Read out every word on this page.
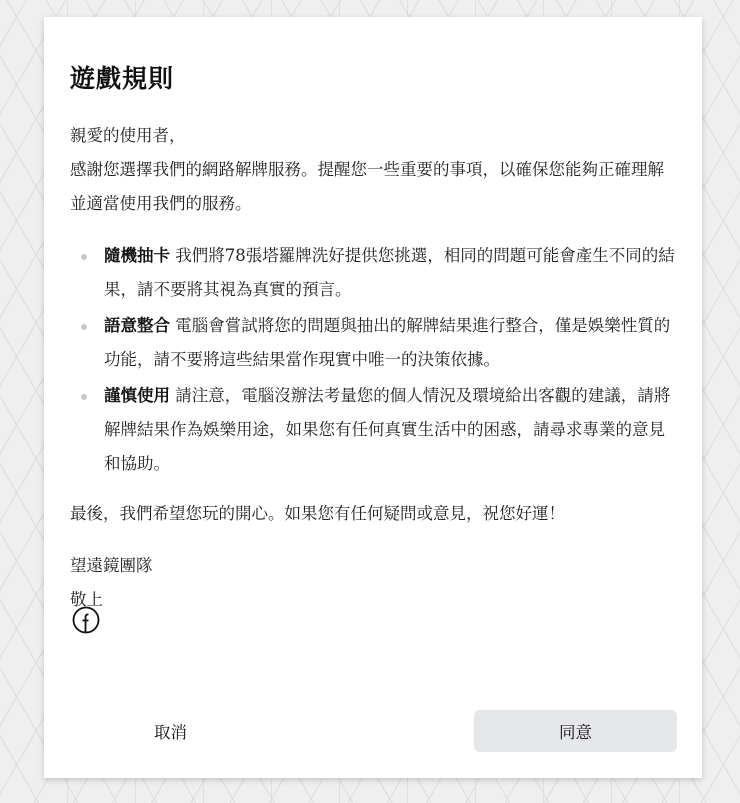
遊戲規則

親愛的使用者，

感謝您選擇我們的網路解牌服務。提醒您一些重要的事項，以確保您能夠正確理解並適當使用我們的服務。

隨機抽卡 我們將78張塔羅牌洗好提供您挑選，相同的問題可能會產生不同的結果，請不要將其視為真實的預言。
語意整合 電腦會嘗試將您的問題與抽出的解牌結果進行整合，僅是娛樂性質的功能，請不要將這些結果當作現實中唯一的決策依據。
謹慎使用 請注意，電腦沒辦法考量您的個人情況及環境給出客觀的建議，請將解牌結果作為娛樂用途，如果您有任何真實生活中的困惑，請尋求專業的意見和協助。

最後，我們希望您玩的開心。如果您有任何疑問或意見，祝您好運！

望遠鏡團隊

敬上

取消	同意
